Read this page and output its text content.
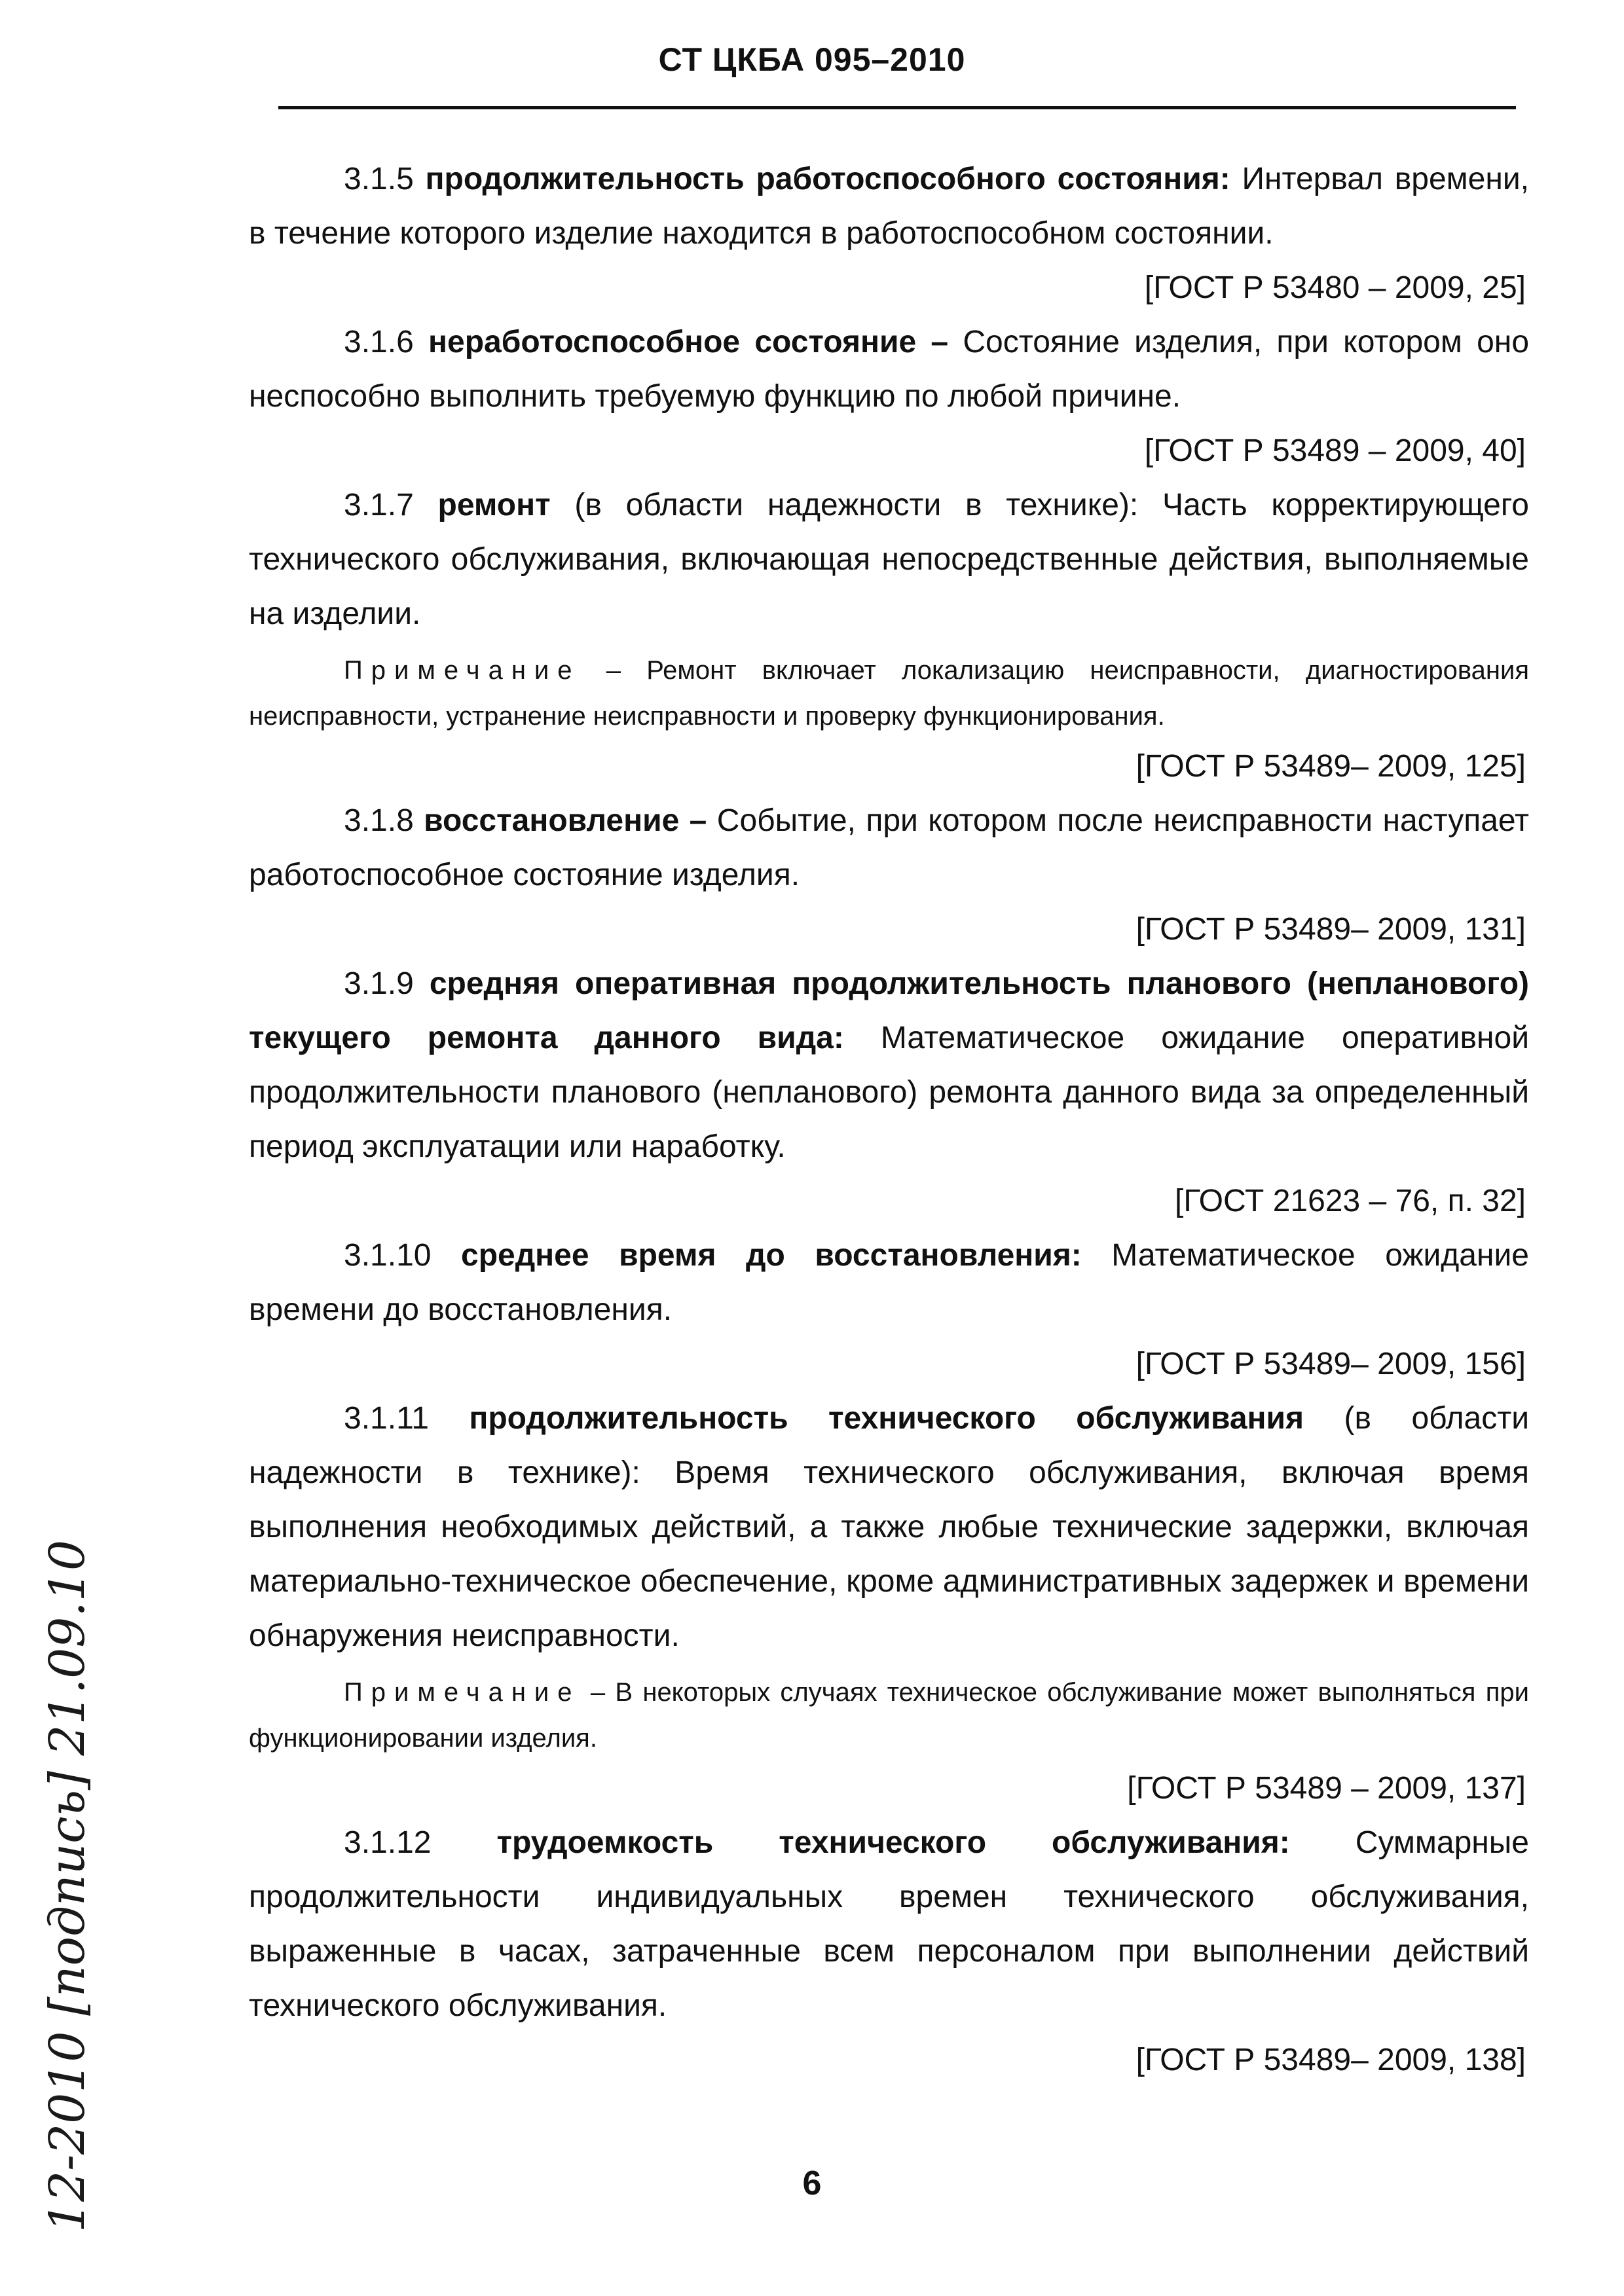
СТ ЦКБА 095–2010

3.1.5 продолжительность работоспособного состояния: Интервал времени, в течение которого изделие находится в работоспособном состоянии.

[ГОСТ Р 53480 – 2009, 25]

3.1.6 неработоспособное состояние – Состояние изделия, при котором оно неспособно выполнить требуемую функцию по любой причине.

[ГОСТ Р 53489 – 2009, 40]

3.1.7 ремонт (в области надежности в технике): Часть корректирующего технического обслуживания, включающая непосредственные действия, выполняемые на изделии.

Примечание – Ремонт включает локализацию неисправности, диагностирования неисправности, устранение неисправности и проверку функционирования.

[ГОСТ Р 53489– 2009, 125]

3.1.8 восстановление – Событие, при котором после неисправности наступает работоспособное состояние изделия.

[ГОСТ Р 53489– 2009, 131]

3.1.9 средняя оперативная продолжительность планового (непланового) текущего ремонта данного вида: Математическое ожидание оперативной продолжительности планового (непланового) ремонта данного вида за определенный период эксплуатации или наработку.

[ГОСТ 21623 – 76, п. 32]

3.1.10 среднее время до восстановления: Математическое ожидание времени до восстановления.

[ГОСТ Р 53489– 2009, 156]

3.1.11 продолжительность технического обслуживания (в области надежности в технике): Время технического обслуживания, включая время выполнения необходимых действий, а также любые технические задержки, включая материально-техническое обеспечение, кроме административных задержек и времени обнаружения неисправности.

Примечание – В некоторых случаях техническое обслуживание может выполняться при функционировании изделия.

[ГОСТ Р 53489 – 2009, 137]

3.1.12 трудоемкость технического обслуживания: Суммарные продолжительности индивидуальных времен технического обслуживания, выраженные в часах, затраченные всем персоналом при выполнении действий технического обслуживания.

[ГОСТ Р 53489– 2009, 138]

6
12-2010 [подпись] 21.09.10
